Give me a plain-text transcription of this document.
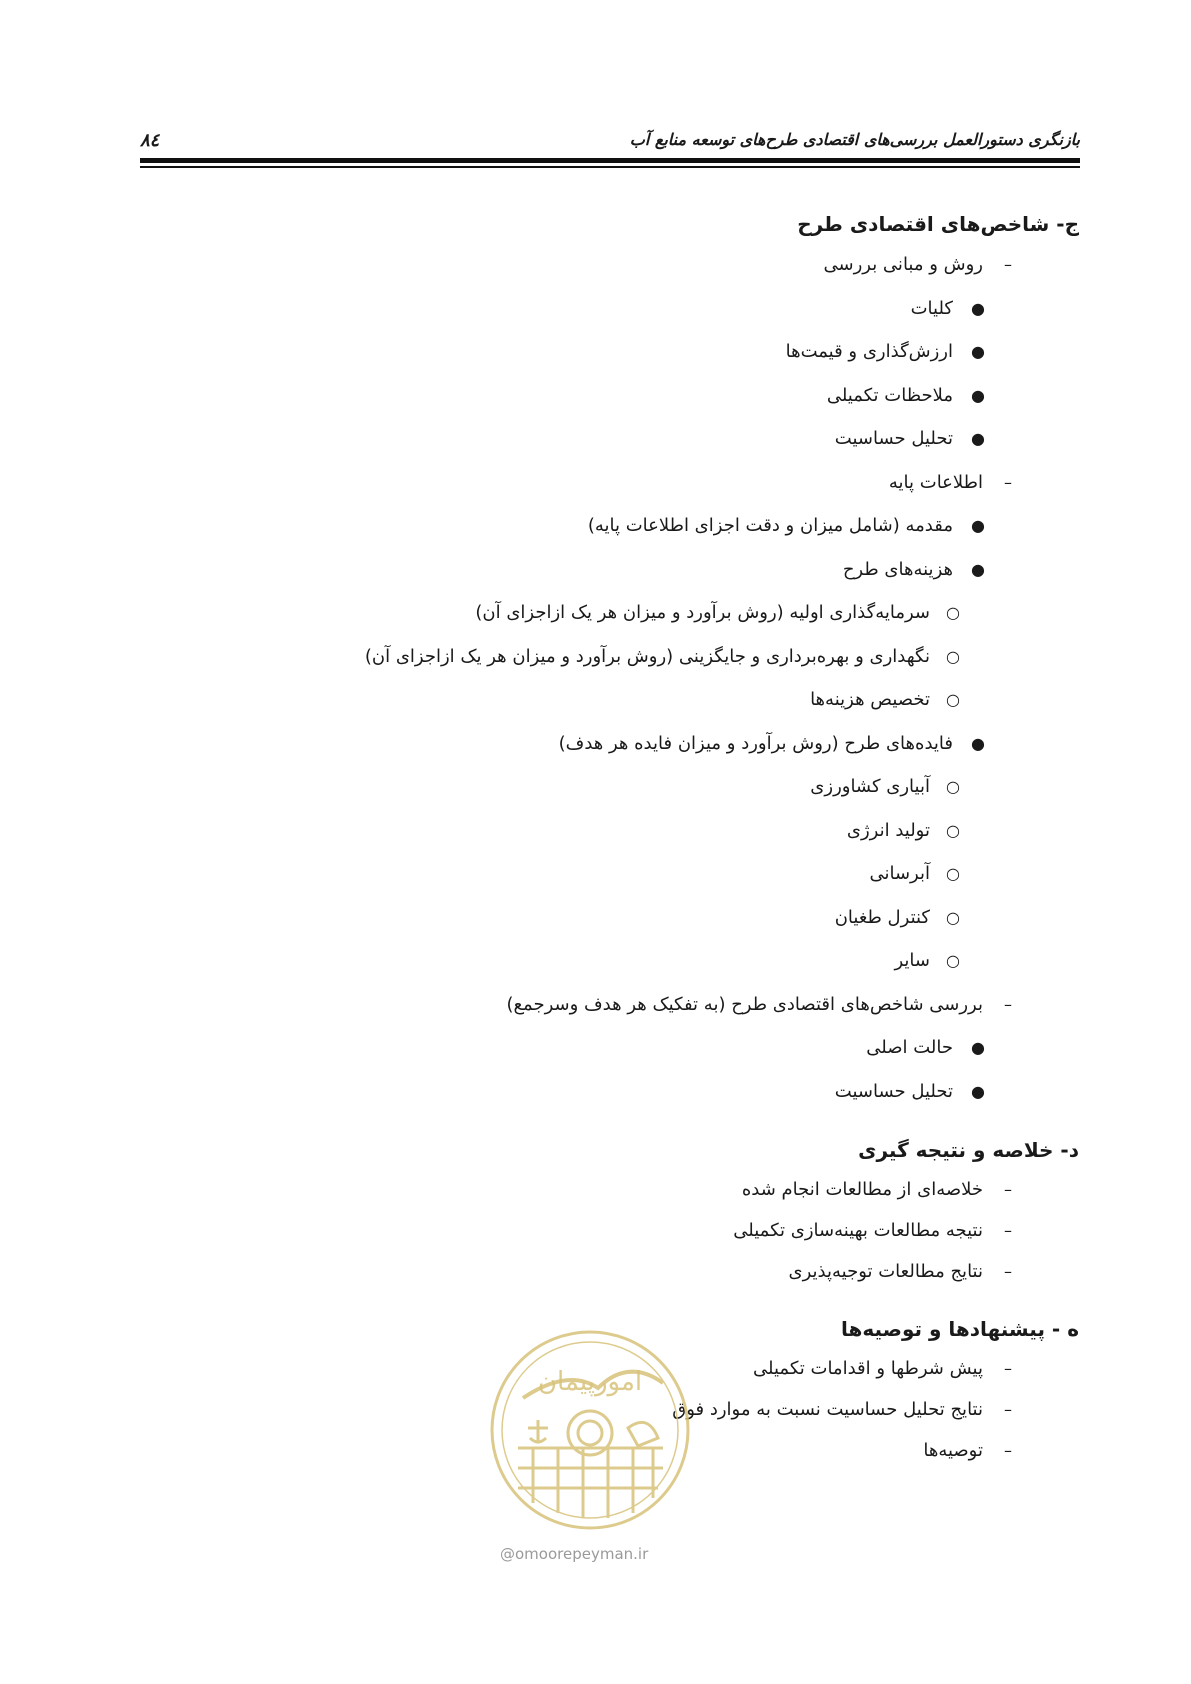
بازنگری دستورالعمل بررسی‌های اقتصادی طرح‌های توسعه منابع آب
۸٤
ج- شاخص‌های اقتصادی طرح
–
روش و مبانی بررسی
●
کلیات
●
ارزش‌گذاری و قیمت‌ها
●
ملاحظات تکمیلی
●
تحلیل حساسیت
–
اطلاعات پایه
●
مقدمه (شامل میزان و دقت اجزای اطلاعات پایه)
●
هزینه‌های طرح
○
سرمایه‌گذاری اولیه (روش برآورد و میزان هر یک ازاجزای آن)
○
نگهداری و بهره‌برداری و جایگزینی (روش برآورد و میزان هر یک ازاجزای آن)
○
تخصیص هزینه‌ها
●
فایده‌های طرح (روش برآورد و میزان فایده هر هدف)
○
آبیاری کشاورزی
○
تولید انرژی
○
آبرسانی
○
کنترل طغیان
○
سایر
–
بررسی شاخص‌های اقتصادی طرح (به تفکیک هر هدف وسرجمع)
●
حالت اصلی
●
تحلیل حساسیت
د- خلاصه و نتیجه گیری
–
خلاصه‌ای از مطالعات انجام شده
–
نتیجه مطالعات بهینه‌سازی تکمیلی
–
نتایج مطالعات توجیه‌پذیری
ه - پیشنهادها و توصیه‌ها
–
پیش شرطها و اقدامات تکمیلی
–
نتایج تحلیل حساسیت نسبت به موارد فوق
–
توصیه‌ها
امورپیمان
@omoorepeyman.ir
